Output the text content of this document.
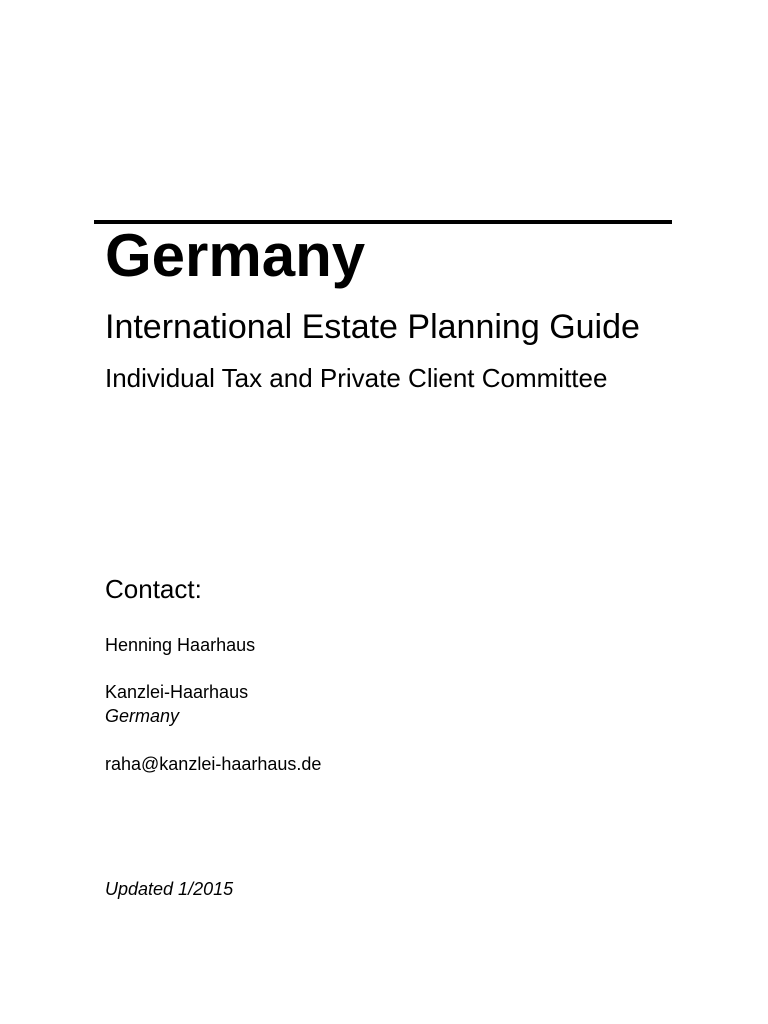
Germany
International Estate Planning Guide
Individual Tax and Private Client Committee
Contact:
Henning Haarhaus
Kanzlei-Haarhaus
Germany
raha@kanzlei-haarhaus.de
Updated 1/2015
